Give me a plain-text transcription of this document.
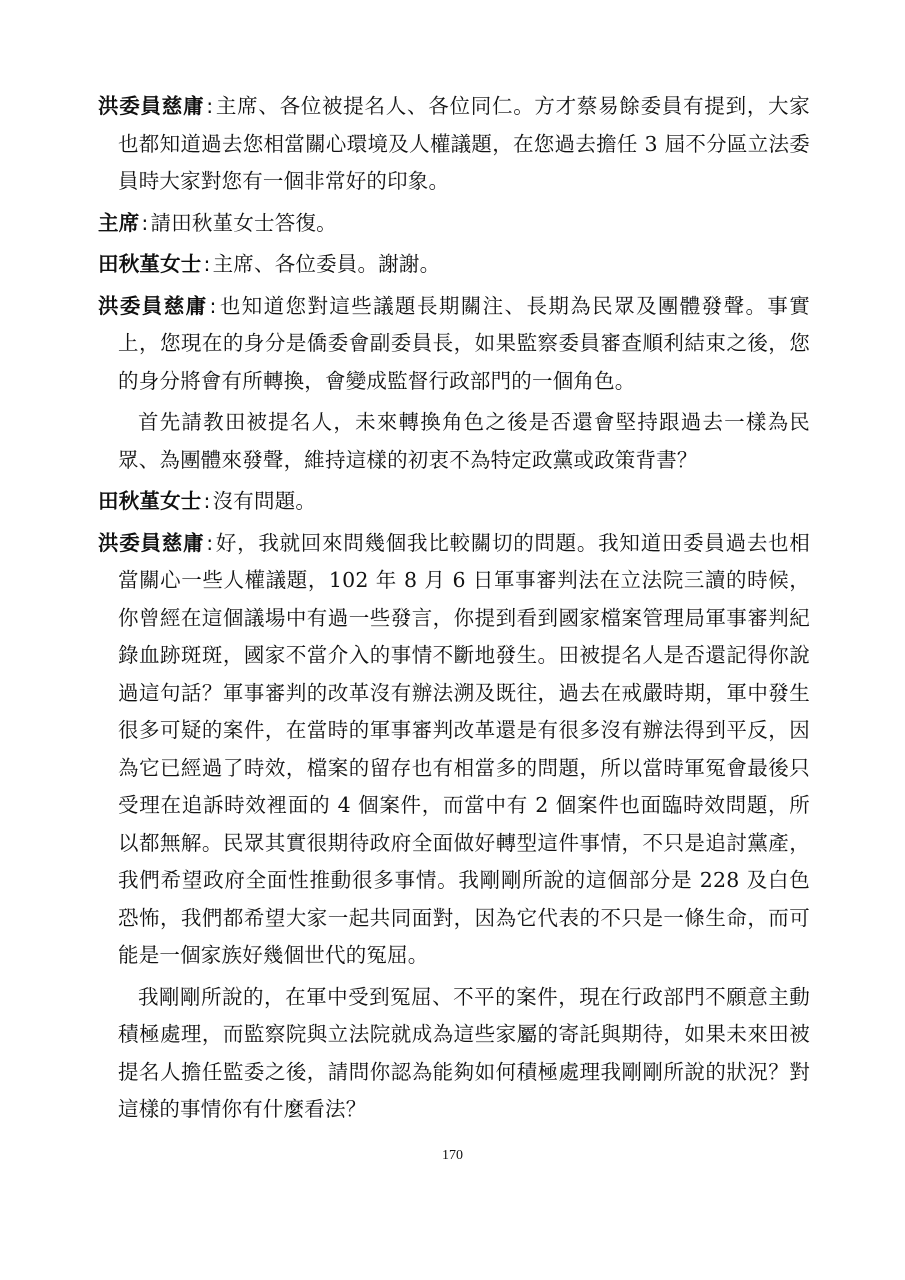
洪委員慈庸:主席、各位被提名人、各位同仁。方才蔡易餘委員有提到，大家也都知道過去您相當關心環境及人權議題，在您過去擔任 3 屆不分區立法委員時大家對您有一個非常好的印象。

主席:請田秋堇女士答復。

田秋堇女士:主席、各位委員。謝謝。

洪委員慈庸:也知道您對這些議題長期關注、長期為民眾及團體發聲。事實上，您現在的身分是僑委會副委員長，如果監察委員審查順利結束之後，您的身分將會有所轉換，會變成監督行政部門的一個角色。

首先請教田被提名人，未來轉換角色之後是否還會堅持跟過去一樣為民眾、為團體來發聲，維持這樣的初衷不為特定政黨或政策背書？

田秋堇女士:沒有問題。

洪委員慈庸:好，我就回來問幾個我比較關切的問題。我知道田委員過去也相當關心一些人權議題，102 年 8 月 6 日軍事審判法在立法院三讀的時候，你曾經在這個議場中有過一些發言，你提到看到國家檔案管理局軍事審判紀錄血跡斑斑，國家不當介入的事情不斷地發生。田被提名人是否還記得你說過這句話？軍事審判的改革沒有辦法溯及既往，過去在戒嚴時期，軍中發生很多可疑的案件，在當時的軍事審判改革還是有很多沒有辦法得到平反，因為它已經過了時效，檔案的留存也有相當多的問題，所以當時軍冤會最後只受理在追訴時效裡面的 4 個案件，而當中有 2 個案件也面臨時效問題，所以都無解。民眾其實很期待政府全面做好轉型這件事情，不只是追討黨產，我們希望政府全面性推動很多事情。我剛剛所說的這個部分是 228 及白色恐怖，我們都希望大家一起共同面對，因為它代表的不只是一條生命，而可能是一個家族好幾個世代的冤屈。

我剛剛所說的，在軍中受到冤屈、不平的案件，現在行政部門不願意主動積極處理，而監察院與立法院就成為這些家屬的寄託與期待，如果未來田被提名人擔任監委之後，請問你認為能夠如何積極處理我剛剛所說的狀況？對這樣的事情你有什麼看法？

170
